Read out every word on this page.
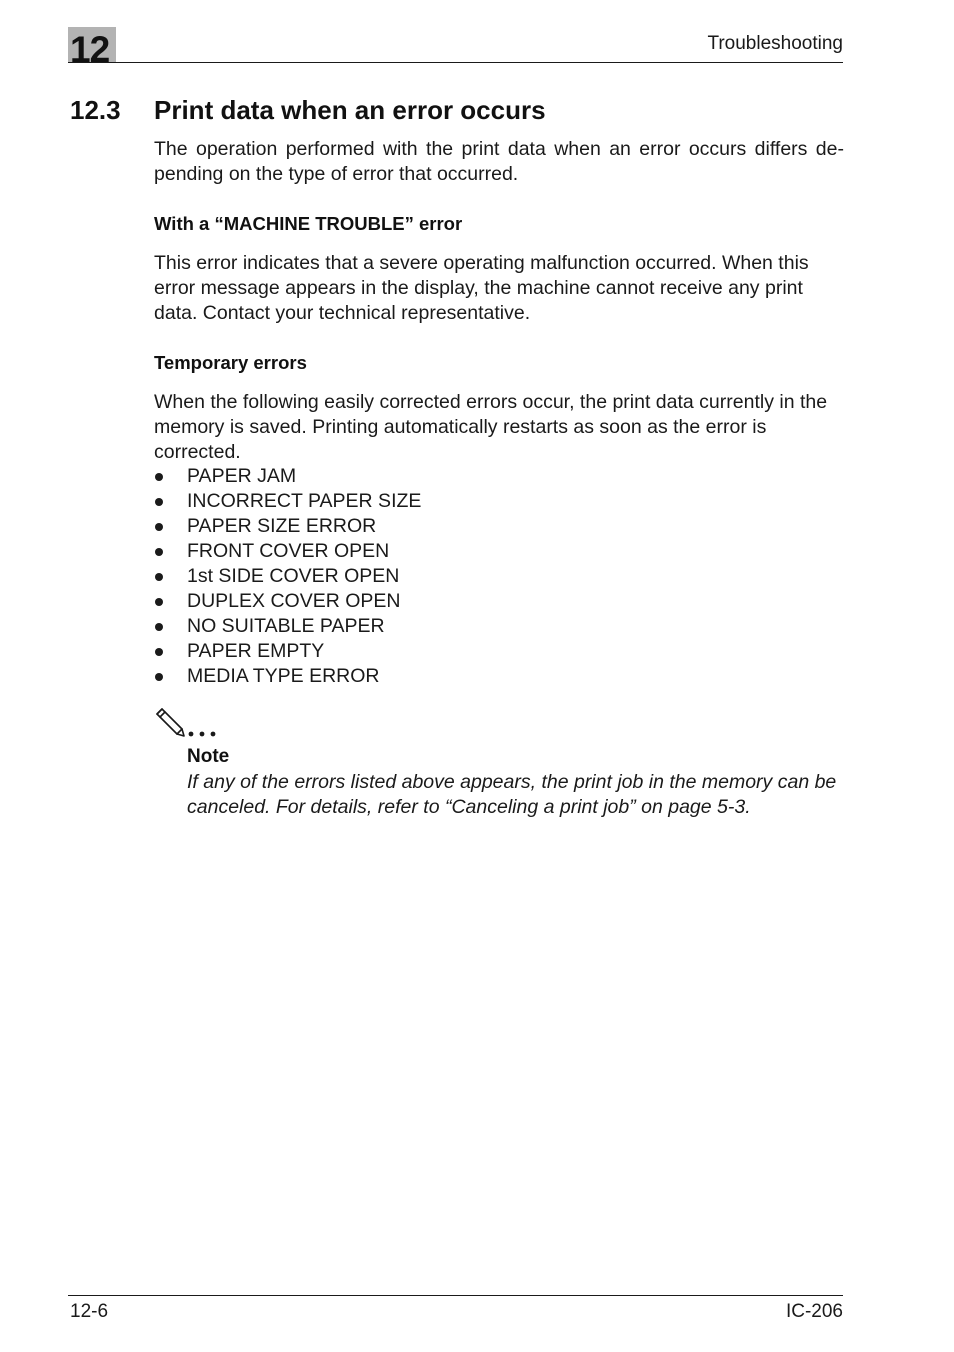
12	Troubleshooting
12.3 Print data when an error occurs

The operation performed with the print data when an error occurs differs de-pending on the type of error that occurred.

With a “MACHINE TROUBLE” error

This error indicates that a severe operating malfunction occurred. When this error message appears in the display, the machine cannot receive any print data. Contact your technical representative.

Temporary errors

When the following easily corrected errors occur, the print data currently in the memory is saved. Printing automatically restarts as soon as the error is corrected.

PAPER JAM
INCORRECT PAPER SIZE
PAPER SIZE ERROR
FRONT COVER OPEN
1st SIDE COVER OPEN
DUPLEX COVER OPEN
NO SUITABLE PAPER
PAPER EMPTY
MEDIA TYPE ERROR
Note
If any of the errors listed above appears, the print job in the memory can be canceled. For details, refer to “Canceling a print job” on page 5-3.
12-6	IC-206
